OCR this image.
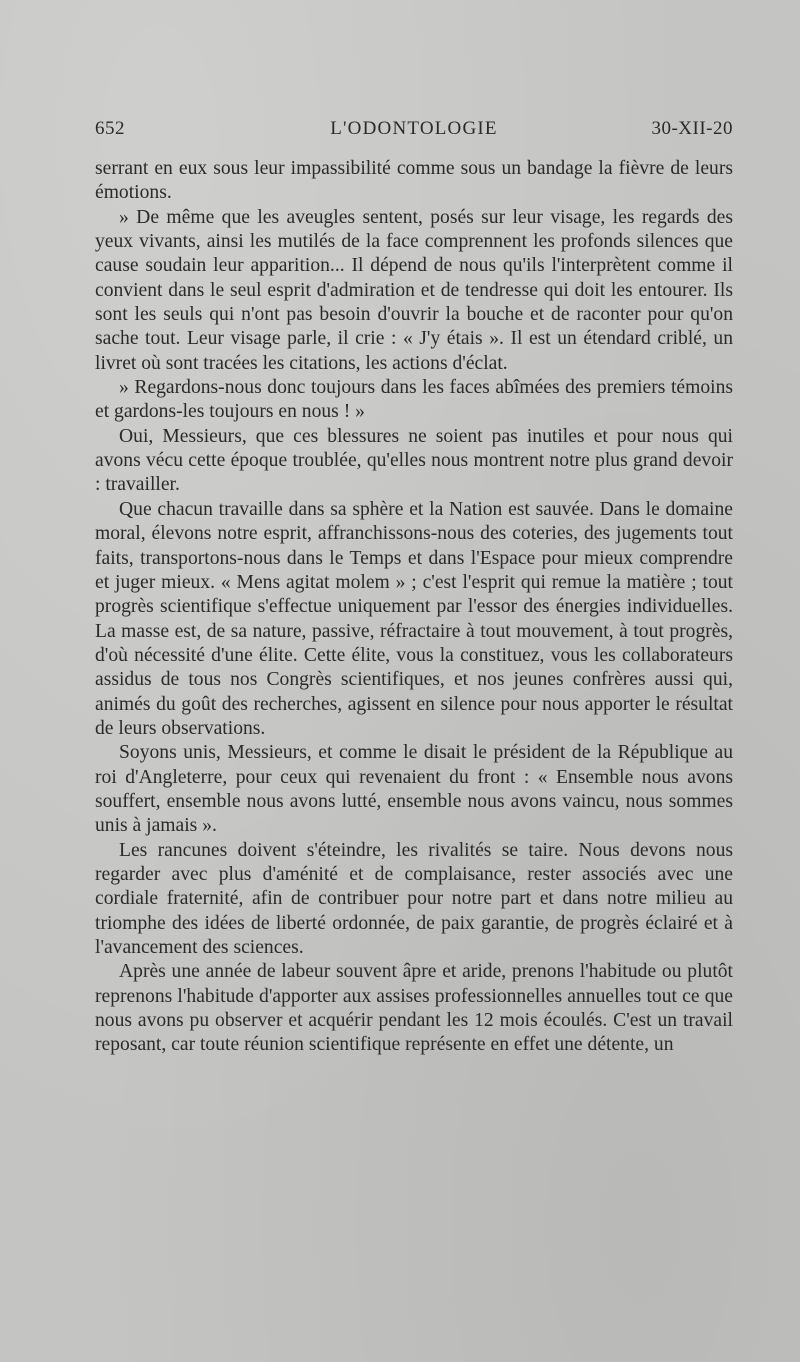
652	L'ODONTOLOGIE	30-XII-20

serrant en eux sous leur impassibilité comme sous un bandage la fièvre de leurs émotions.

» De même que les aveugles sentent, posés sur leur visage, les regards des yeux vivants, ainsi les mutilés de la face comprennent les profonds silences que cause soudain leur apparition... Il dépend de nous qu'ils l'interprètent comme il convient dans le seul esprit d'admiration et de tendresse qui doit les entourer. Ils sont les seuls qui n'ont pas besoin d'ouvrir la bouche et de raconter pour qu'on sache tout. Leur visage parle, il crie : « J'y étais ». Il est un étendard criblé, un livret où sont tracées les citations, les actions d'éclat.

» Regardons-nous donc toujours dans les faces abîmées des premiers témoins et gardons-les toujours en nous ! »

Oui, Messieurs, que ces blessures ne soient pas inutiles et pour nous qui avons vécu cette époque troublée, qu'elles nous montrent notre plus grand devoir : travailler.

Que chacun travaille dans sa sphère et la Nation est sauvée. Dans le domaine moral, élevons notre esprit, affranchissons-nous des coteries, des jugements tout faits, transportons-nous dans le Temps et dans l'Espace pour mieux comprendre et juger mieux. « Mens agitat molem » ; c'est l'esprit qui remue la matière ; tout progrès scientifique s'effectue uniquement par l'essor des énergies individuelles. La masse est, de sa nature, passive, réfractaire à tout mouvement, à tout progrès, d'où nécessité d'une élite. Cette élite, vous la constituez, vous les collaborateurs assidus de tous nos Congrès scientifiques, et nos jeunes confrères aussi qui, animés du goût des recherches, agissent en silence pour nous apporter le résultat de leurs observations.

Soyons unis, Messieurs, et comme le disait le président de la République au roi d'Angleterre, pour ceux qui revenaient du front : « Ensemble nous avons souffert, ensemble nous avons lutté, ensemble nous avons vaincu, nous sommes unis à jamais ».

Les rancunes doivent s'éteindre, les rivalités se taire. Nous devons nous regarder avec plus d'aménité et de complaisance, rester associés avec une cordiale fraternité, afin de contribuer pour notre part et dans notre milieu au triomphe des idées de liberté ordonnée, de paix garantie, de progrès éclairé et à l'avancement des sciences.

Après une année de labeur souvent âpre et aride, prenons l'habitude ou plutôt reprenons l'habitude d'apporter aux assises professionnelles annuelles tout ce que nous avons pu observer et acquérir pendant les 12 mois écoulés. C'est un travail reposant, car toute réunion scientifique représente en effet une détente, un
